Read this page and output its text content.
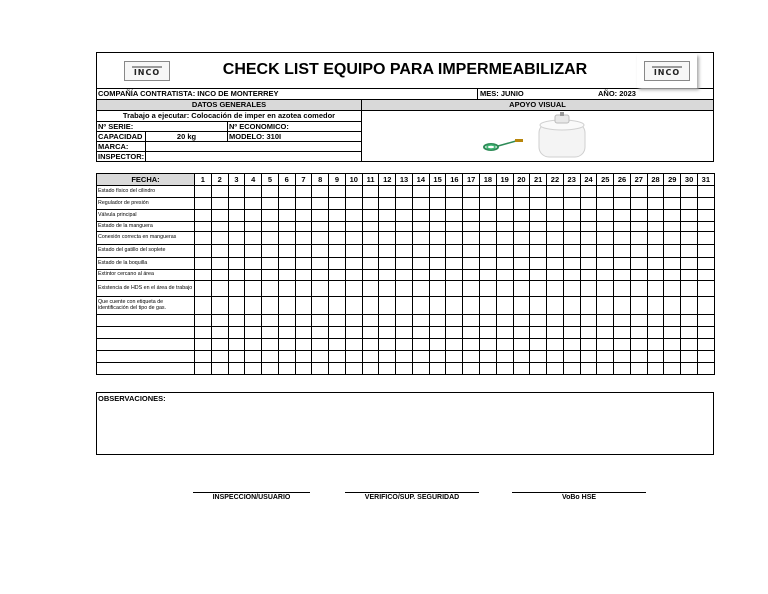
INCO	CHECK LIST EQUIPO PARA IMPERMEABILIZAR	INCO
COMPAÑÍA CONTRATISTA: INCO DE MONTERREY	MES: JUNIO	AÑO: 2023
DATOS GENERALES	APOYO VISUAL
Trabajo a ejecutar: Colocación de imper en azotea comedor
Nº SERIE:	Nº ECONOMICO:
CAPACIDAD	20 kg	MODELO: 310I
MARCA:
INSPECTOR:
FECHA:	1	2	3	4	5	6	7	8	9	10	11	12	13	14	15	16	17	18	19	20	21	22	23	24	25	26	27	28	29	30	31
Estado físico del cilindro																															
Regulador de presión																															
Válvula principal																															
Estado de la manguera																															
Conexión correcta en mangueras																															
Estado del gatillo del soplete																															
Estado de la boquilla																															
Extintor cercano al área																															
Existencia de HDS en el área de trabajo																															
Que cuente con etiqueta de identificación del tipo de gas.																															

OBSERVACIONES:
INSPECCION/USUARIO	VERIFICO/SUP. SEGURIDAD	VoBo HSE
